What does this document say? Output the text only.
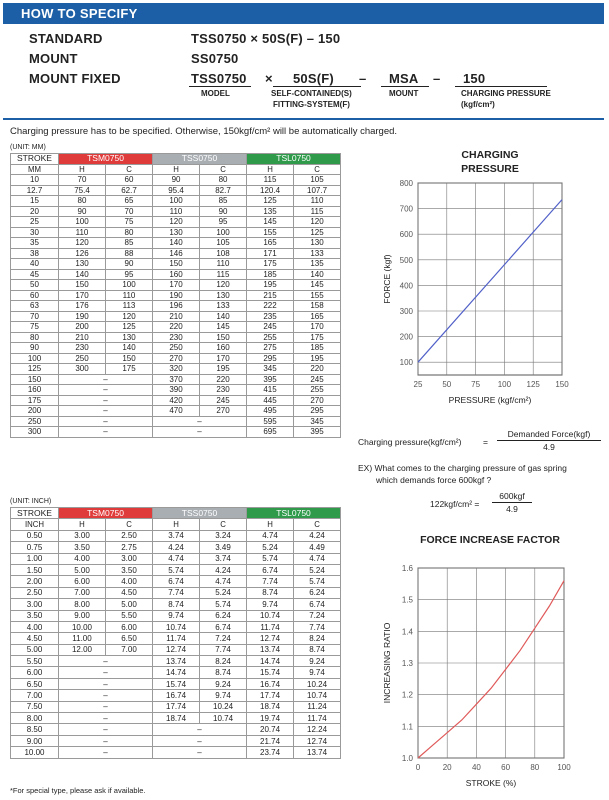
HOW TO SPECIFY
STANDARD	TSS0750 × 50S(F) – 150
MOUNT	SS0750
MOUNT FIXED	TSS0750 × 50S(F) – MSA – 150
MODEL	SELF-CONTAINED(S)
FITTING-SYSTEM(F)
MOUNT	CHARGING PRESSURE
(kgf/cm²)
Charging pressure has to be specified. Otherwise, 150kgf/cm² will be automatically charged.
(UNIT: MM)
STROKE	TSM0750		TSS0750		TSL0750	
MM	H	C	H	C	H	C
10	70	60	90	80	115	105
12.7	75.4	62.7	95.4	82.7	120.4	107.7
15	80	65	100	85	125	110
20	90	70	110	90	135	115
25	100	75	120	95	145	120
30	110	80	130	100	155	125
35	120	85	140	105	165	130
38	126	88	146	108	171	133
40	130	90	150	110	175	135
45	140	95	160	115	185	140
50	150	100	170	120	195	145
60	170	110	190	130	215	155
63	176	113	196	133	222	158
70	190	120	210	140	235	165
75	200	125	220	145	245	170
80	210	130	230	150	255	175
90	230	140	250	160	275	185
100	250	150	270	170	295	195
125	300	175	320	195	345	220
150	–		370	220	395	245
160	–		390	230	415	255
175	–		420	245	445	270
200	–		470	270	495	295
250	–		–		595	345
300	–		–		695	395
(UNIT: INCH)
STROKE	TSM0750		TSS0750		TSL0750	
INCH	H	C	H	C	H	C
0.50	3.00	2.50	3.74	3.24	4.74	4.24
0.75	3.50	2.75	4.24	3.49	5.24	4.49
1.00	4.00	3.00	4.74	3.74	5.74	4.74
1.50	5.00	3.50	5.74	4.24	6.74	5.24
2.00	6.00	4.00	6.74	4.74	7.74	5.74
2.50	7.00	4.50	7.74	5.24	8.74	6.24
3.00	8.00	5.00	8.74	5.74	9.74	6.74
3.50	9.00	5.50	9.74	6.24	10.74	7.24
4.00	10.00	6.00	10.74	6.74	11.74	7.74
4.50	11.00	6.50	11.74	7.24	12.74	8.24
5.00	12.00	7.00	12.74	7.74	13.74	8.74
5.50	–		13.74	8.24	14.74	9.24
6.00	–		14.74	8.74	15.74	9.74
6.50	–		15.74	9.24	16.74	10.24
7.00	–		16.74	9.74	17.74	10.74
7.50	–		17.74	10.24	18.74	11.24
8.00	–		18.74	10.74	19.74	11.74
8.50	–		–		20.74	12.24
9.00	–		–		21.74	12.74
10.00	–		–		23.74	13.74
*For special type, please ask if available.
CHARGING PRESSURE
25 50 75 100 125 150
100
200
300
400
500
600
700
800
PRESSURE (kgf/cm²)
FORCE (kgf)
Charging pressure(kgf/cm²)	=
Demanded Force(kgf)
4.9
EX) What comes to the charging pressure of gas spring
which demands force 600kgf ?
122kgf/cm² =
600kgf
4.9
FORCE INCREASE FACTOR
0	20	40	60	80 100
1.0
1.1
1.2
1.3
1.4
1.5
1.6
STROKE (%)
INCREASING RATIO
